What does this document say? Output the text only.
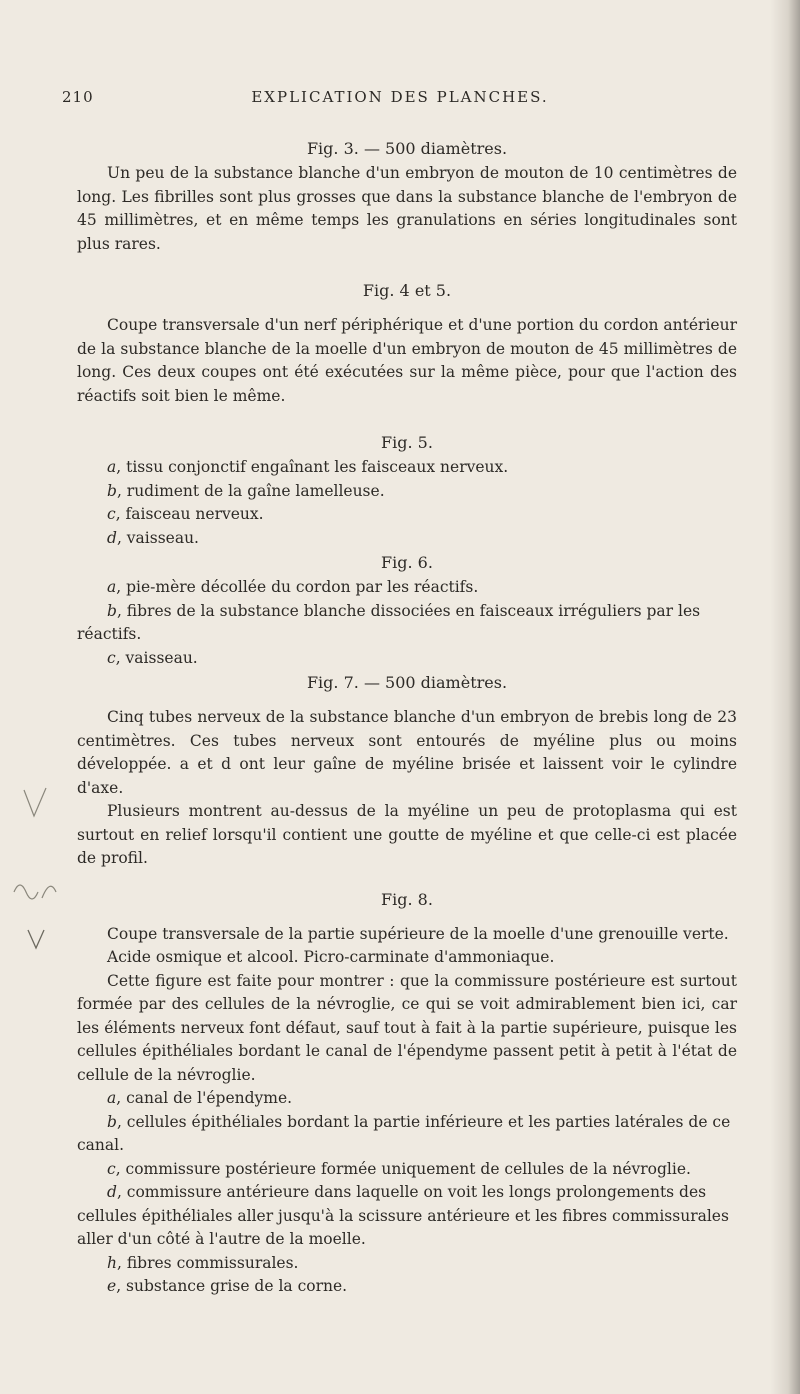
210	EXPLICATION DES PLANCHES.

Fig. 3. — 500 diamètres.

Un peu de la substance blanche d'un embryon de mouton de 10 centimètres de long. Les fibrilles sont plus grosses que dans la substance blanche de l'embryon de 45 millimètres, et en même temps les granulations en séries longitudinales sont plus rares.

Fig. 4 et 5.

Coupe transversale d'un nerf périphérique et d'une portion du cordon antérieur de la substance blanche de la moelle d'un embryon de mouton de 45 millimètres de long. Ces deux coupes ont été exécutées sur la même pièce, pour que l'action des réactifs soit bien le même.

Fig. 5.

a, tissu conjonctif engaînant les faisceaux nerveux.

b, rudiment de la gaîne lamelleuse.

c, faisceau nerveux.

d, vaisseau.

Fig. 6.

a, pie-mère décollée du cordon par les réactifs.

b, fibres de la substance blanche dissociées en faisceaux irréguliers par les réactifs.

c, vaisseau.

Fig. 7. — 500 diamètres.

Cinq tubes nerveux de la substance blanche d'un embryon de brebis long de 23 centimètres. Ces tubes nerveux sont entourés de myéline plus ou moins développée. a et d ont leur gaîne de myéline brisée et laissent voir le cylindre d'axe.

Plusieurs montrent au-dessus de la myéline un peu de protoplasma qui est surtout en relief lorsqu'il contient une goutte de myéline et que celle-ci est placée de profil.

Fig. 8.

Coupe transversale de la partie supérieure de la moelle d'une grenouille verte.

Acide osmique et alcool. Picro-carminate d'ammoniaque.

Cette figure est faite pour montrer : que la commissure postérieure est surtout formée par des cellules de la névroglie, ce qui se voit admirablement bien ici, car les éléments nerveux font défaut, sauf tout à fait à la partie supérieure, puisque les cellules épithéliales bordant le canal de l'épendyme passent petit à petit à l'état de cellule de la névroglie.

a, canal de l'épendyme.

b, cellules épithéliales bordant la partie inférieure et les parties latérales de ce canal.

c, commissure postérieure formée uniquement de cellules de la névroglie.

d, commissure antérieure dans laquelle on voit les longs prolongements des cellules épithéliales aller jusqu'à la scissure antérieure et les fibres commissurales aller d'un côté à l'autre de la moelle.

h, fibres commissurales.

e, substance grise de la corne.
